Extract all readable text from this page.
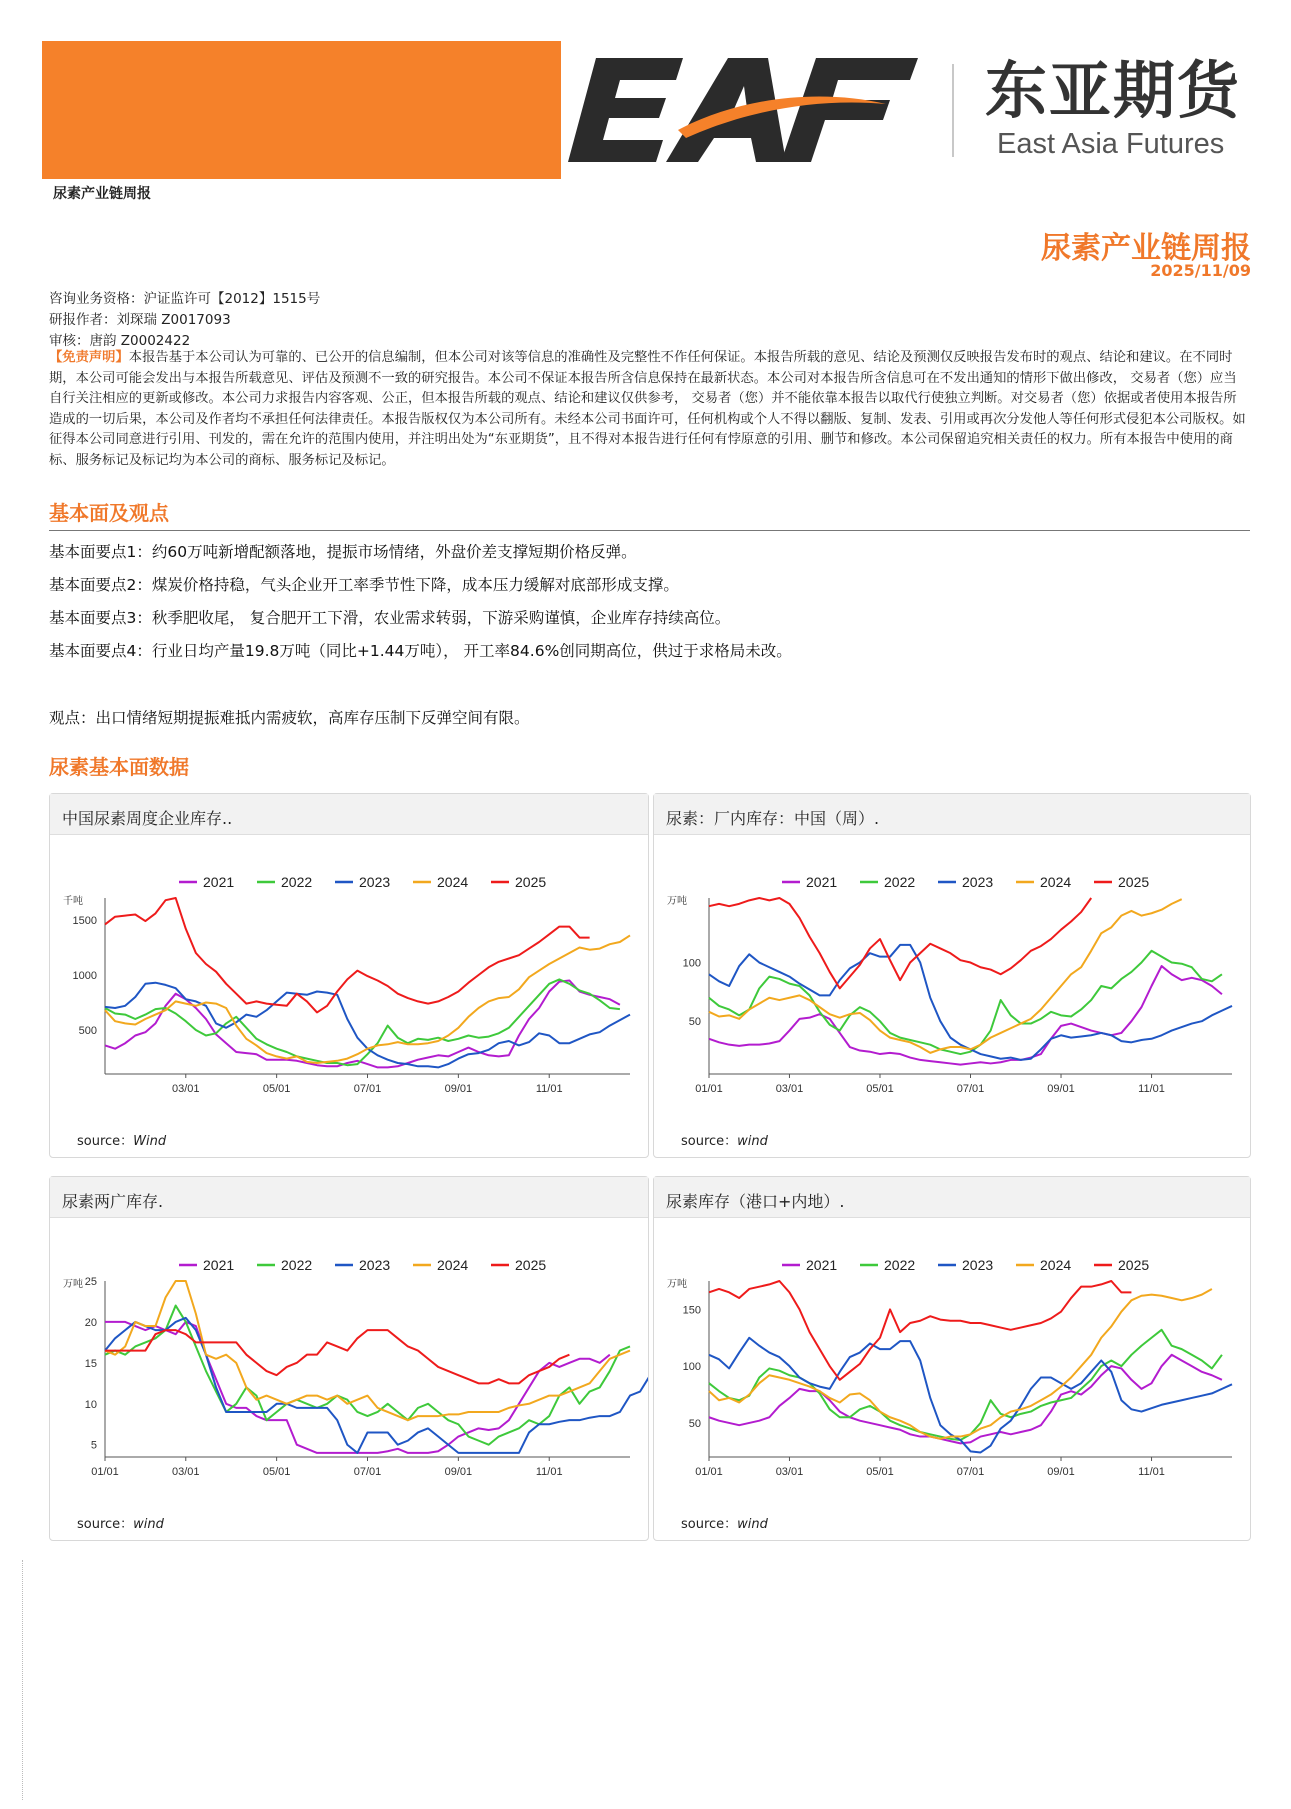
尿素产业链周报
东亚期货
East Asia Futures
尿素产业链周报
2025/11/09
咨询业务资格：沪证监许可【2012】1515号
研报作者：刘琛瑞 Z0017093
审核：唐韵 Z0002422
【免责声明】本报告基于本公司认为可靠的、已公开的信息编制，但本公司对该等信息的准确性及完整性不作任何保证。本报告所载的意见、结论及预测仅反映报告发布时的观点、结论和建议。在不同时期，本公司可能会发出与本报告所载意见、评估及预测不一致的研究报告。本公司不保证本报告所含信息保持在最新状态。本公司对本报告所含信息可在不发出通知的情形下做出修改， 交易者（您）应当自行关注相应的更新或修改。本公司力求报告内容客观、公正，但本报告所载的观点、结论和建议仅供参考， 交易者（您）并不能依靠本报告以取代行使独立判断。对交易者（您）依据或者使用本报告所造成的一切后果，本公司及作者均不承担任何法律责任。本报告版权仅为本公司所有。未经本公司书面许可，任何机构或个人不得以翻版、复制、发表、引用或再次分发他人等任何形式侵犯本公司版权。如征得本公司同意进行引用、刊发的，需在允许的范围内使用，并注明出处为“东亚期货”，且不得对本报告进行任何有悖原意的引用、删节和修改。本公司保留追究相关责任的权力。所有本报告中使用的商标、服务标记及标记均为本公司的商标、服务标记及标记。
基本面及观点
基本面要点1：约60万吨新增配额落地，提振市场情绪，外盘价差支撑短期价格反弹。
基本面要点2：煤炭价格持稳，气头企业开工率季节性下降，成本压力缓解对底部形成支撑。
基本面要点3：秋季肥收尾， 复合肥开工下滑，农业需求转弱，下游采购谨慎，企业库存持续高位。
基本面要点4：行业日均产量19.8万吨（同比+1.44万吨）， 开工率84.6%创同期高位，供过于求格局未改。
观点：出口情绪短期提振难抵内需疲软，高库存压制下反弹空间有限。
尿素基本面数据
中国尿素周度企业库存..
2021	2022	2023	2024	2025
千吨
500
1000
1500
03/01	05/01	07/01	09/01	11/01
source：Wind
尿素：厂内库存：中国（周）.
2021	2022	2023	2024	2025
万吨
50
100
01/01	03/01	05/01	07/01	09/01	11/01
source：wind
尿素两广库存.
2021	2022	2023	2024	2025
万吨
5
10
15
20
25
01/01	03/01	05/01	07/01	09/01	11/01
source：wind
尿素库存（港口+内地）.
2021	2022	2023	2024	2025
万吨
50
100
150
01/01	03/01	05/01	07/01	09/01	11/01
source：wind
